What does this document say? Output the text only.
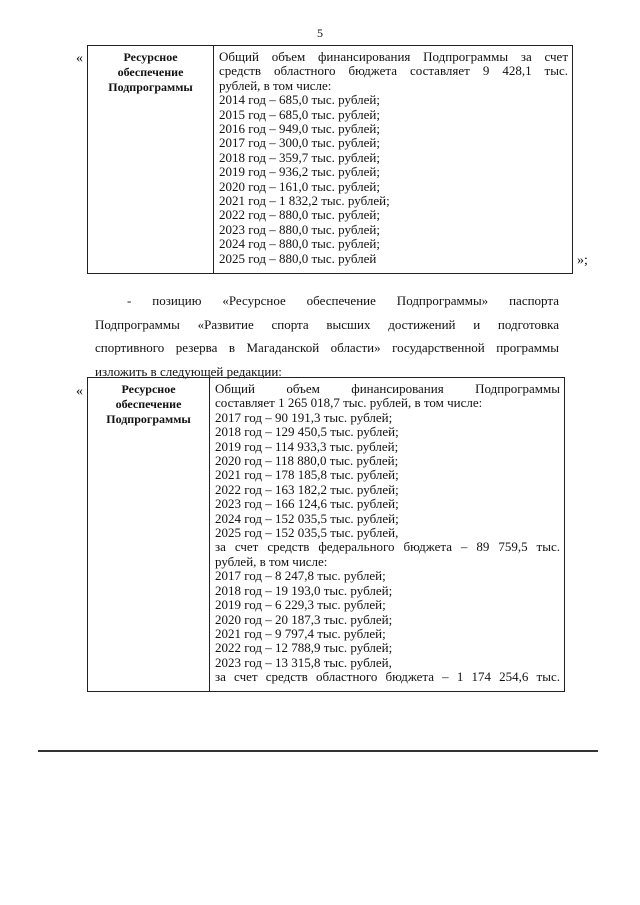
5
«	Ресурсное
обеспечение
Подпрограммы

Общий объем финансирования Подпрограммы за счет
средств областного бюджета составляет 9 428,1 тыс.
рублей, в том числе:
2014 год – 685,0 тыс. рублей;
2015 год – 685,0 тыс. рублей;
2016 год – 949,0 тыс. рублей;
2017 год – 300,0 тыс. рублей;
2018 год – 359,7 тыс. рублей;
2019 год – 936,2 тыс. рублей;
2020 год – 161,0 тыс. рублей;
2021 год – 1 832,2 тыс. рублей;
2022 год – 880,0 тыс. рублей;
2023 год – 880,0 тыс. рублей;
2024 год – 880,0 тыс. рублей;
2025 год – 880,0 тыс. рублей	»;
- позицию «Ресурсное обеспечение Подпрограммы» паспорта
Подпрограммы «Развитие спорта высших достижений и подготовка
спортивного резерва в Магаданской области» государственной программы
изложить в следующей редакции:
«	Ресурсное
обеспечение
Подпрограммы

Общий объем финансирования Подпрограммы
составляет 1 265 018,7 тыс. рублей, в том числе:
2017 год – 90 191,3 тыс. рублей;
2018 год – 129 450,5 тыс. рублей;
2019 год – 114 933,3 тыс. рублей;
2020 год – 118 880,0 тыс. рублей;
2021 год – 178 185,8 тыс. рублей;
2022 год – 163 182,2 тыс. рублей;
2023 год – 166 124,6 тыс. рублей;
2024 год – 152 035,5 тыс. рублей;
2025 год – 152 035,5 тыс. рублей,
за счет средств федерального бюджета – 89 759,5 тыс.
рублей, в том числе:
2017 год – 8 247,8 тыс. рублей;
2018 год – 19 193,0 тыс. рублей;
2019 год – 6 229,3 тыс. рублей;
2020 год – 20 187,3 тыс. рублей;
2021 год – 9 797,4 тыс. рублей;
2022 год – 12 788,9 тыс. рублей;
2023 год – 13 315,8 тыс. рублей,
за счет средств областного бюджета – 1 174 254,6 тыс.
